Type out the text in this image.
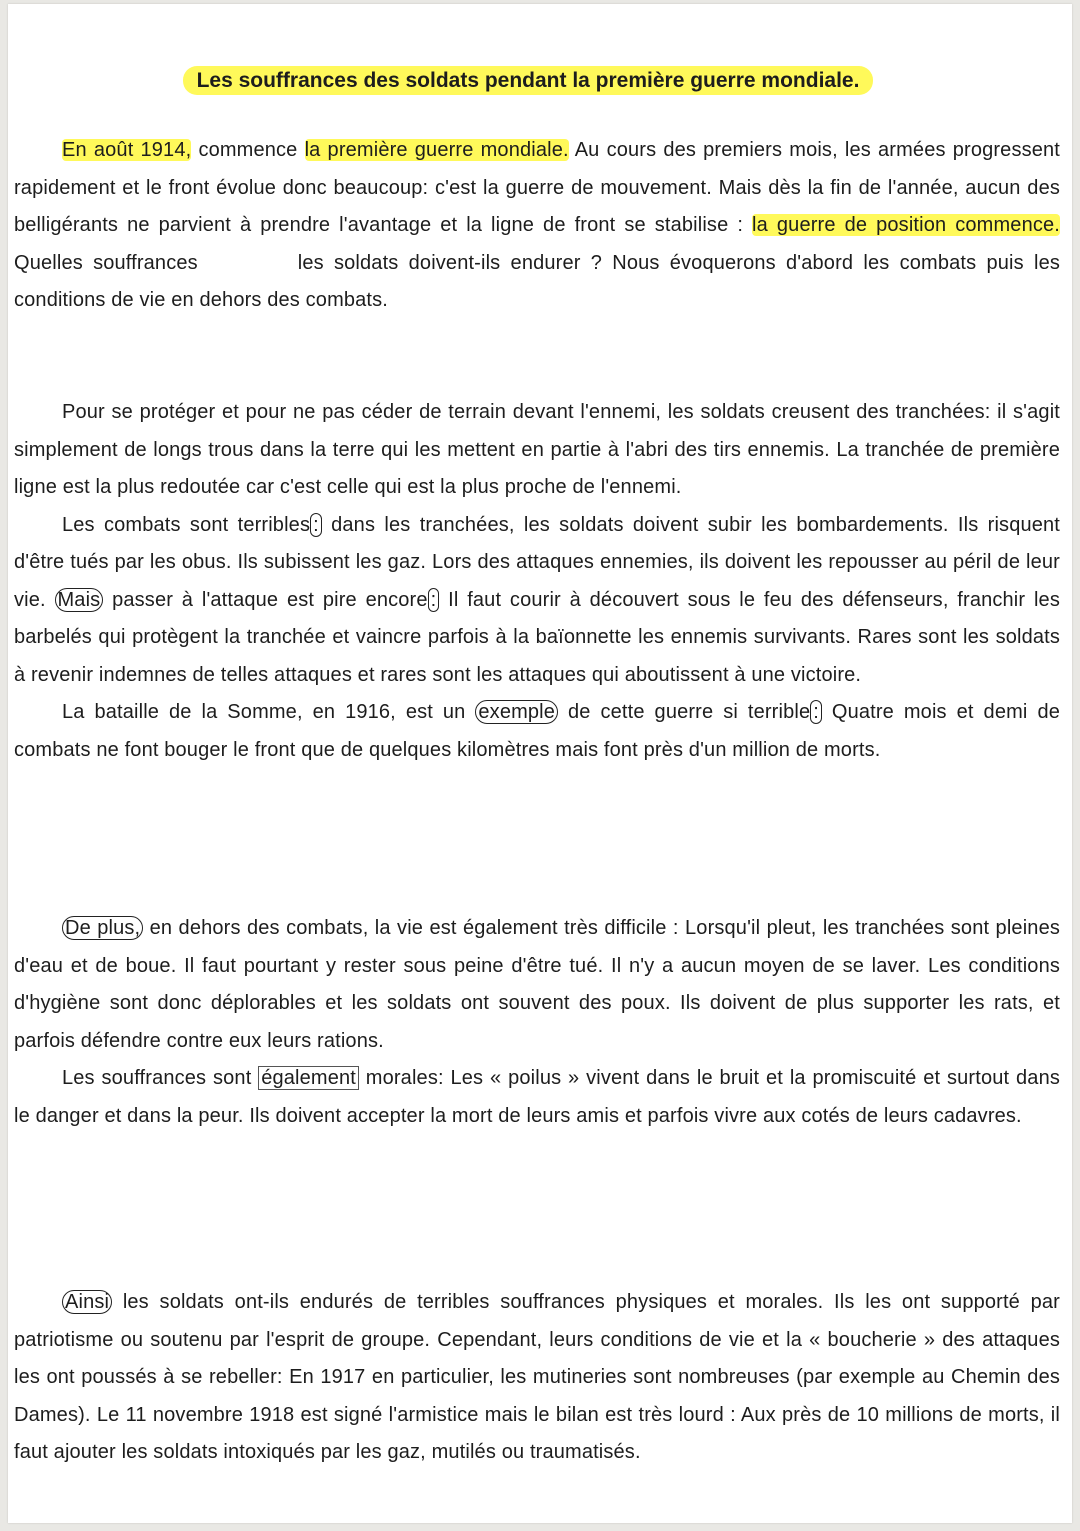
Les souffrances des soldats pendant la première guerre mondiale.

En août 1914, commence la première guerre mondiale. Au cours des premiers mois, les armées progressent rapidement et le front évolue donc beaucoup: c'est la guerre de mouvement. Mais dès la fin de l'année, aucun des belligérants ne parvient à prendre l'avantage et la ligne de front se stabilise : la guerre de position commence. Quelles souffrances	les soldats doivent-ils endurer ? Nous évoquerons d'abord les combats puis les conditions de vie en dehors des combats.

Pour se protéger et pour ne pas céder de terrain devant l'ennemi, les soldats creusent des tranchées: il s'agit simplement de longs trous dans la terre qui les mettent en partie à l'abri des tirs ennemis. La tranchée de première ligne est la plus redoutée car c'est celle qui est la plus proche de l'ennemi.

Les combats sont terribles : dans les tranchées, les soldats doivent subir les bombardements. Ils risquent d'être tués par les obus. Ils subissent les gaz. Lors des attaques ennemies, ils doivent les repousser au péril de leur vie. Mais passer à l'attaque est pire encore : Il faut courir à découvert sous le feu des défenseurs, franchir les barbelés qui protègent la tranchée et vaincre parfois à la baïonnette les ennemis survivants. Rares sont les soldats à revenir indemnes de telles attaques et rares sont les attaques qui aboutissent à une victoire.

La bataille de la Somme, en 1916, est un exemple de cette guerre si terrible : Quatre mois et demi de combats ne font bouger le front que de quelques kilomètres mais font près d'un million de morts.

De plus, en dehors des combats, la vie est également très difficile : Lorsqu'il pleut, les tranchées sont pleines d'eau et de boue. Il faut pourtant y rester sous peine d'être tué. Il n'y a aucun moyen de se laver. Les conditions d'hygiène sont donc déplorables et les soldats ont souvent des poux. Ils doivent de plus supporter les rats, et parfois défendre contre eux leurs rations.

Les souffrances sont également morales: Les « poilus » vivent dans le bruit et la promiscuité et surtout dans le danger et dans la peur. Ils doivent accepter la mort de leurs amis et parfois vivre aux cotés de leurs cadavres.

Ainsi les soldats ont-ils endurés de terribles souffrances physiques et morales. Ils les ont supporté par patriotisme ou soutenu par l'esprit de groupe. Cependant, leurs conditions de vie et la « boucherie » des attaques les ont poussés à se rebeller: En 1917 en particulier, les mutineries sont nombreuses (par exemple au Chemin des Dames). Le 11 novembre 1918 est signé l'armistice mais le bilan est très lourd : Aux près de 10 millions de morts, il faut ajouter les soldats intoxiqués par les gaz, mutilés ou traumatisés.
